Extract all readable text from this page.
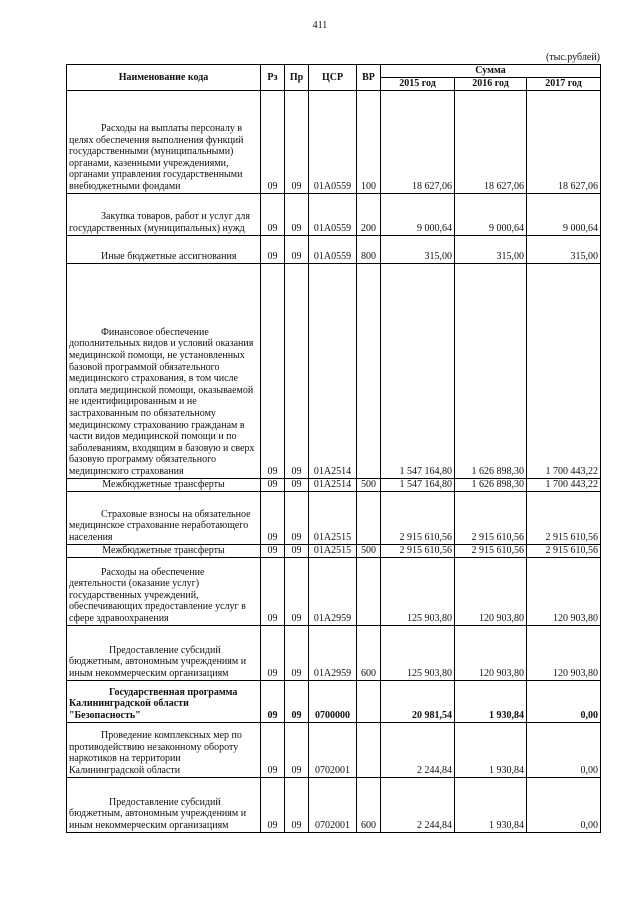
411
(тыс.рублей)
Наименование кода	Рз	Пр	ЦСР	ВР	Сумма		
					2015 год	2016 год	2017 год
Расходы на выплаты персоналу в целях обеспечения выполнения функций государственными (муниципальными) органами, казенными учреждениями, органами управления государственными внебюджетными фондами	09	09	01А0559	100	18 627,06	18 627,06	18 627,06
Закупка товаров, работ и услуг для государственных (муниципальных) нужд	09	09	01А0559	200	9 000,64	9 000,64	9 000,64
Иные бюджетные ассигнования	09	09	01А0559	800	315,00	315,00	315,00
Финансовое обеспечение дополнительных видов и условий оказания медицинской помощи, не установленных базовой программой обязательного медицинского страхования, в том числе оплата медицинской помощи, оказываемой не идентифицированным и не застрахованным по обязательному медицинскому страхованию гражданам в части видов медицинской помощи и по заболеваниям, входящим в базовую и сверх базовую программу обязательного медицинского страхования	09	09	01А2514		1 547 164,80	1 626 898,30	1 700 443,22
Межбюджетные трансферты	09	09	01А2514	500	1 547 164,80	1 626 898,30	1 700 443,22
Страховые взносы на обязательное медицинское страхование неработающего населения	09	09	01А2515		2 915 610,56	2 915 610,56	2 915 610,56
Межбюджетные трансферты	09	09	01А2515	500	2 915 610,56	2 915 610,56	2 915 610,56
Расходы на обеспечение деятельности (оказание услуг) государственных учреждений, обеспечивающих предоставление услуг в сфере здравоохранения	09	09	01А2959		125 903,80	120 903,80	120 903,80
Предоставление субсидий бюджетным, автономным учреждениям и иным некоммерческим организациям	09	09	01А2959	600	125 903,80	120 903,80	120 903,80
Государственная программа Калининградской области "Безопасность"	09	09	0700000		20 981,54	1 930,84	0,00
Проведение комплексных мер по противодействию незаконному обороту наркотиков на территории Калининградской области	09	09	0702001		2 244,84	1 930,84	0,00
Предоставление субсидий бюджетным, автономным учреждениям и иным некоммерческим организациям	09	09	0702001	600	2 244,84	1 930,84	0,00
